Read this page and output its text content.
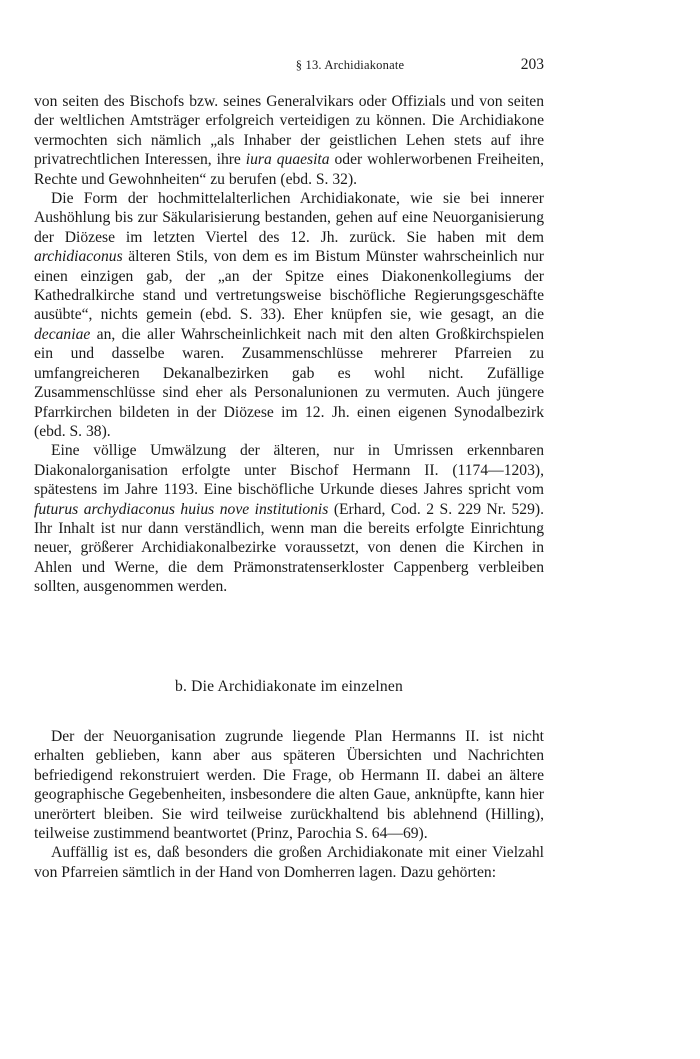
§ 13. Archidiakonate	203

von seiten des Bischofs bzw. seines Generalvikars oder Offizials und von seiten der weltlichen Amtsträger erfolgreich verteidigen zu können. Die Archidiakone vermochten sich nämlich „als Inhaber der geistlichen Lehen stets auf ihre privatrechtlichen Interessen, ihre iura quaesita oder wohlerworbenen Freiheiten, Rechte und Gewohnheiten“ zu berufen (ebd. S. 32).

Die Form der hochmittelalterlichen Archidiakonate, wie sie bei innerer Aushöhlung bis zur Säkularisierung bestanden, gehen auf eine Neuorganisierung der Diözese im letzten Viertel des 12. Jh. zurück. Sie haben mit dem archidiaconus älteren Stils, von dem es im Bistum Münster wahrscheinlich nur einen einzigen gab, der „an der Spitze eines Diakonenkollegiums der Kathedralkirche stand und vertretungsweise bischöfliche Regierungsgeschäfte ausübte“, nichts gemein (ebd. S. 33). Eher knüpfen sie, wie gesagt, an die decaniae an, die aller Wahrscheinlichkeit nach mit den alten Großkirchspielen ein und dasselbe waren. Zusammenschlüsse mehrerer Pfarreien zu umfangreicheren Dekanalbezirken gab es wohl nicht. Zufällige Zusammenschlüsse sind eher als Personalunionen zu vermuten. Auch jüngere Pfarrkirchen bildeten in der Diözese im 12. Jh. einen eigenen Synodalbezirk (ebd. S. 38).

Eine völlige Umwälzung der älteren, nur in Umrissen erkennbaren Diakonalorganisation erfolgte unter Bischof Hermann II. (1174—1203), spätestens im Jahre 1193. Eine bischöfliche Urkunde dieses Jahres spricht vom futurus archydiaconus huius nove institutionis (Erhard, Cod. 2 S. 229 Nr. 529). Ihr Inhalt ist nur dann verständlich, wenn man die bereits erfolgte Einrichtung neuer, größerer Archidiakonalbezirke voraussetzt, von denen die Kirchen in Ahlen und Werne, die dem Prämonstratenserkloster Cappenberg verbleiben sollten, ausgenommen werden.

b. Die Archidiakonate im einzelnen

Der der Neuorganisation zugrunde liegende Plan Hermanns II. ist nicht erhalten geblieben, kann aber aus späteren Übersichten und Nachrichten befriedigend rekonstruiert werden. Die Frage, ob Hermann II. dabei an ältere geographische Gegebenheiten, insbesondere die alten Gaue, anknüpfte, kann hier unerörtert bleiben. Sie wird teilweise zurückhaltend bis ablehnend (Hilling), teilweise zustimmend beantwortet (Prinz, Parochia S. 64—69).

Auffällig ist es, daß besonders die großen Archidiakonate mit einer Vielzahl von Pfarreien sämtlich in der Hand von Domherren lagen. Dazu gehörten:
